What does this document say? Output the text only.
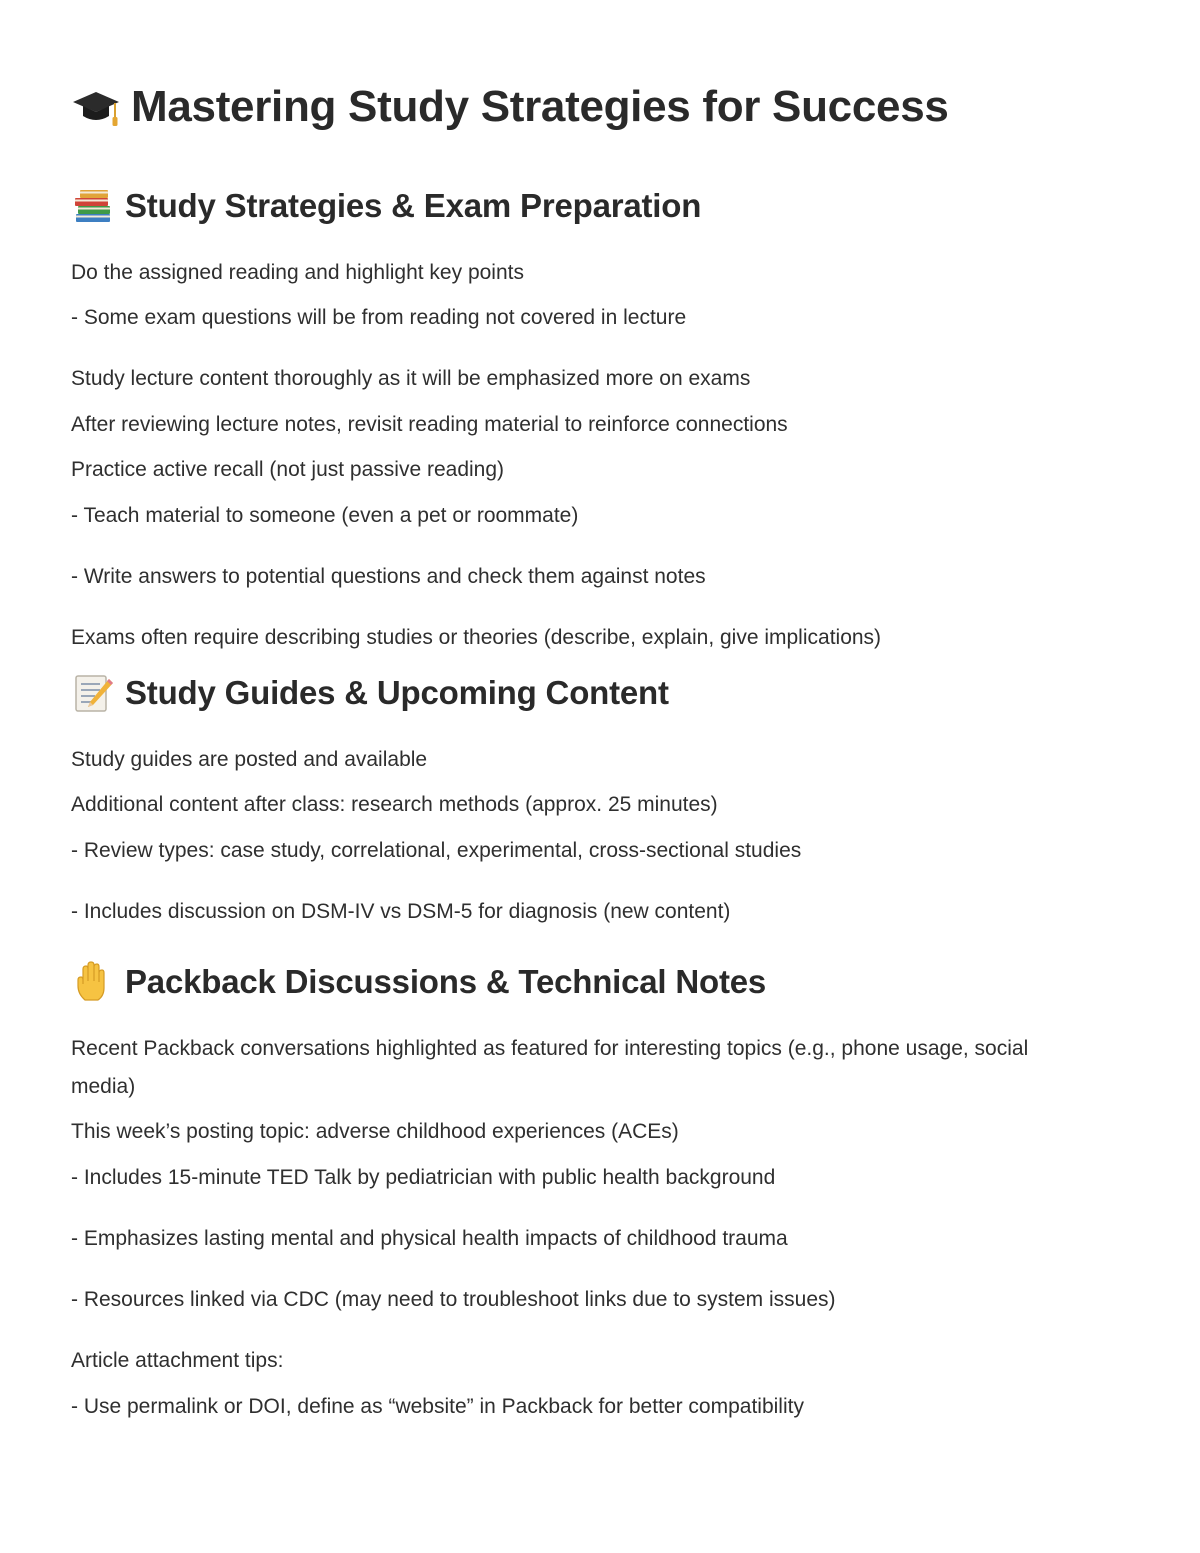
Mastering Study Strategies for Success
Study Strategies & Exam Preparation
Do the assigned reading and highlight key points
- Some exam questions will be from reading not covered in lecture
Study lecture content thoroughly as it will be emphasized more on exams
After reviewing lecture notes, revisit reading material to reinforce connections
Practice active recall (not just passive reading)
- Teach material to someone (even a pet or roommate)
- Write answers to potential questions and check them against notes
Exams often require describing studies or theories (describe, explain, give implications)
Study Guides & Upcoming Content
Study guides are posted and available
Additional content after class: research methods (approx. 25 minutes)
- Review types: case study, correlational, experimental, cross-sectional studies
- Includes discussion on DSM-IV vs DSM-5 for diagnosis (new content)
Packback Discussions & Technical Notes
Recent Packback conversations highlighted as featured for interesting topics (e.g., phone usage, social media)
This week’s posting topic: adverse childhood experiences (ACEs)
- Includes 15-minute TED Talk by pediatrician with public health background
- Emphasizes lasting mental and physical health impacts of childhood trauma
- Resources linked via CDC (may need to troubleshoot links due to system issues)
Article attachment tips:
- Use permalink or DOI, define as “website” in Packback for better compatibility
